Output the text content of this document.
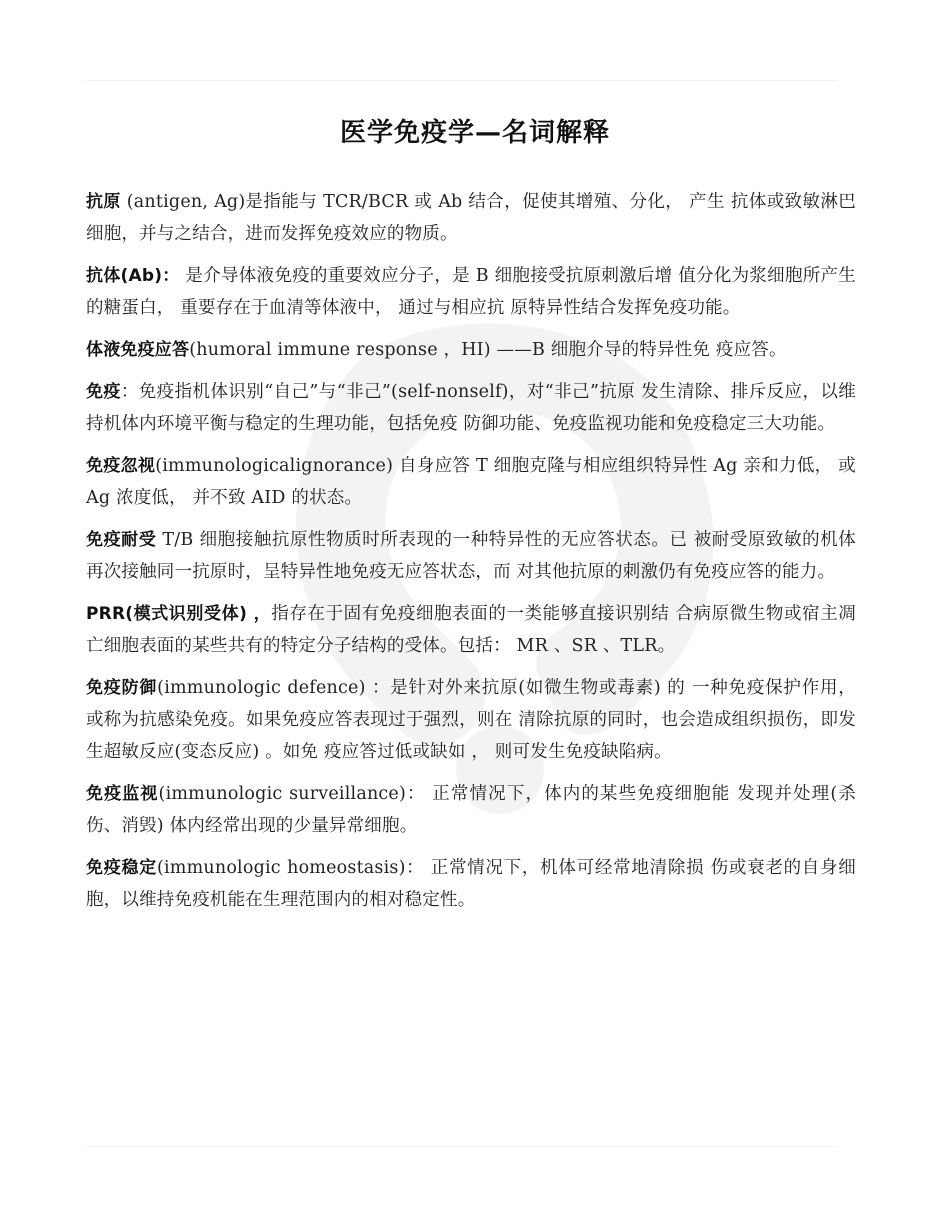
医学免疫学—名词解释

抗原 (antigen, Ag)是指能与 TCR/BCR 或 Ab 结合，促使其增殖、分化， 产生 抗体或致敏淋巴细胞，并与之结合，进而发挥免疫效应的物质。

抗体(Ab)： 是介导体液免疫的重要效应分子，是 B 细胞接受抗原刺激后增 值分化为浆细胞所产生的糖蛋白， 重要存在于血清等体液中， 通过与相应抗 原特异性结合发挥免疫功能。

体液免疫应答(humoral immune response ，HI) ——B 细胞介导的特异性免 疫应答。

免疫：免疫指机体识别“自己”与“非己”(self-nonself)，对“非己”抗原 发生清除、排斥反应，以维持机体内环境平衡与稳定的生理功能，包括免疫 防御功能、免疫监视功能和免疫稳定三大功能。

免疫忽视(immunologicalignorance) 自身应答 T 细胞克隆与相应组织特异性 Ag 亲和力低， 或 Ag 浓度低， 并不致 AID 的状态。

免疫耐受 T/B 细胞接触抗原性物质时所表现的一种特异性的无应答状态。已 被耐受原致敏的机体再次接触同一抗原时，呈特异性地免疫无应答状态，而 对其他抗原的刺激仍有免疫应答的能力。

PRR(模式识别受体) ，指存在于固有免疫细胞表面的一类能够直接识别结 合病原微生物或宿主凋亡细胞表面的某些共有的特定分子结构的受体。包括： MR 、SR 、TLR。

免疫防御(immunologic defence) ：是针对外来抗原(如微生物或毒素) 的 一种免疫保护作用， 或称为抗感染免疫。如果免疫应答表现过于强烈，则在 清除抗原的同时，也会造成组织损伤，即发生超敏反应(变态反应) 。如免 疫应答过低或缺如 ， 则可发生免疫缺陷病。

免疫监视(immunologic surveillance)： 正常情况下，体内的某些免疫细胞能 发现并处理(杀伤、消毁) 体内经常出现的少量异常细胞。

免疫稳定(immunologic homeostasis)： 正常情况下，机体可经常地清除损 伤或衰老的自身细胞，以维持免疫机能在生理范围内的相对稳定性。
